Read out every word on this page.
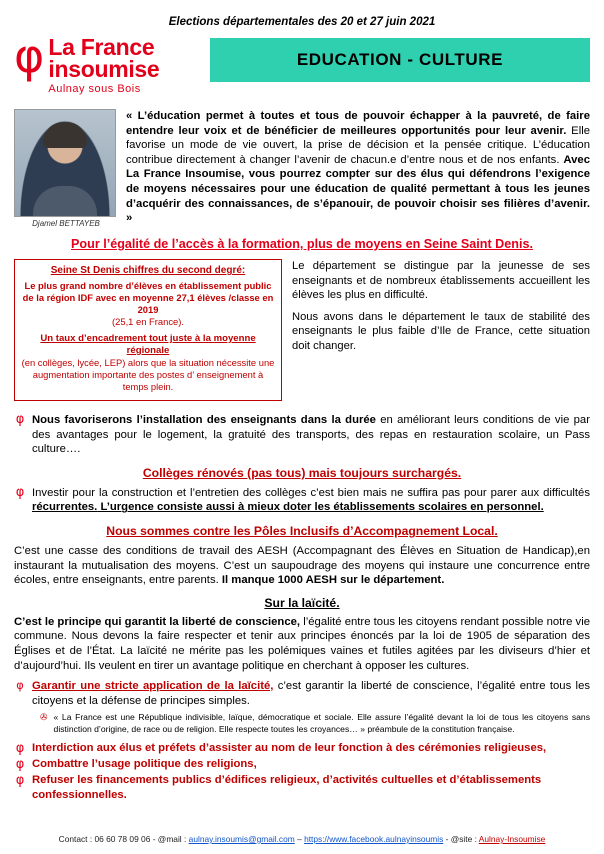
Elections départementales des 20 et 27 juin 2021
φ La France
insoumise
Aulnay sous Bois
EDUCATION - CULTURE
Djamel BETTAYEB
« L’éducation permet à toutes et tous de pouvoir échapper à la pauvreté, de faire entendre leur voix et de bénéficier de meilleures opportunités pour leur avenir. Elle favorise un mode de vie ouvert, la prise de décision et la pensée critique. L’éducation contribue directement à changer l’avenir de chacun.e d’entre nous et de nos enfants. Avec La France Insoumise, vous pourrez compter sur des élus qui défendrons l’exigence de moyens nécessaires pour une éducation de qualité permettant à tous les jeunes d’acquérir des connaissances, de s’épanouir, de pouvoir choisir ses filières d’avenir. »
Pour l’égalité de l’accès à la formation, plus de moyens en Seine Saint Denis.
Seine St Denis chiffres du second degré:
Le plus grand nombre d’élèves en établissement public de la région IDF avec en moyenne 27,1 élèves /classe en 2019
(25,1 en France).
Un taux d’encadrement tout juste à la moyenne régionale
(en collèges, lycée, LEP) alors que la situation nécessite une augmentation importante des postes d’ enseignement à temps plein.

Le département se distingue par la jeunesse de ses enseignants et de nombreux établissements accueillent les élèves les plus en difficulté.

Nous avons dans le département le taux de stabilité des enseignants le plus faible d’Ile de France, cette situation doit changer.

φ Nous favoriserons l’installation des enseignants dans la durée en améliorant leurs conditions de vie par des avantages pour le logement, la gratuité des transports, des repas en restauration scolaire, un Pass culture….
Collèges rénovés (pas tous) mais toujours surchargés.
φ Investir pour la construction et l’entretien des collèges c’est bien mais ne suffira pas pour parer aux difficultés récurrentes. L’urgence consiste aussi à mieux doter les établissements scolaires en personnel.
Nous sommes contre les Pôles Inclusifs d’Accompagnement Local.
C’est une casse des conditions de travail des AESH (Accompagnant des Élèves en Situation de Handicap),en instaurant la mutualisation des moyens. C’est un saupoudrage des moyens qui instaure une concurrence entre écoles, entre enseignants, entre parents. Il manque 1000 AESH sur le département.
Sur la laïcité.
C’est le principe qui garantit la liberté de conscience, l’égalité entre tous les citoyens rendant possible notre vie commune. Nous devons la faire respecter et tenir aux principes énoncés par la loi de 1905 de séparation des Églises et de l’État. La laïcité ne mérite pas les polémiques vaines et futiles agitées par les diviseurs d’hier et d’aujourd’hui. Ils veulent en tirer un avantage politique en cherchant à opposer les cultures.
φ Garantir une stricte application de la laïcité, c’est garantir la liberté de conscience, l’égalité entre tous les citoyens et la défense de principes simples.
✇ « La France est une République indivisible, laïque, démocratique et sociale. Elle assure l’égalité devant la loi de tous les citoyens sans distinction d’origine, de race ou de religion. Elle respecte toutes les croyances… » préambule de la constitution française.
φ Interdiction aux élus et préfets d’assister au nom de leur fonction à des cérémonies religieuses,
φ Combattre l’usage politique des religions,
φ Refuser les financements publics d’édifices religieux, d’activités cultuelles et d’établissements confessionnelles.
Contact : 06 60 78 09 06 - @mail : aulnay.insoumis@gmail.com – https://www.facebook.aulnayinsoumis - @site : Aulnay-Insoumise
